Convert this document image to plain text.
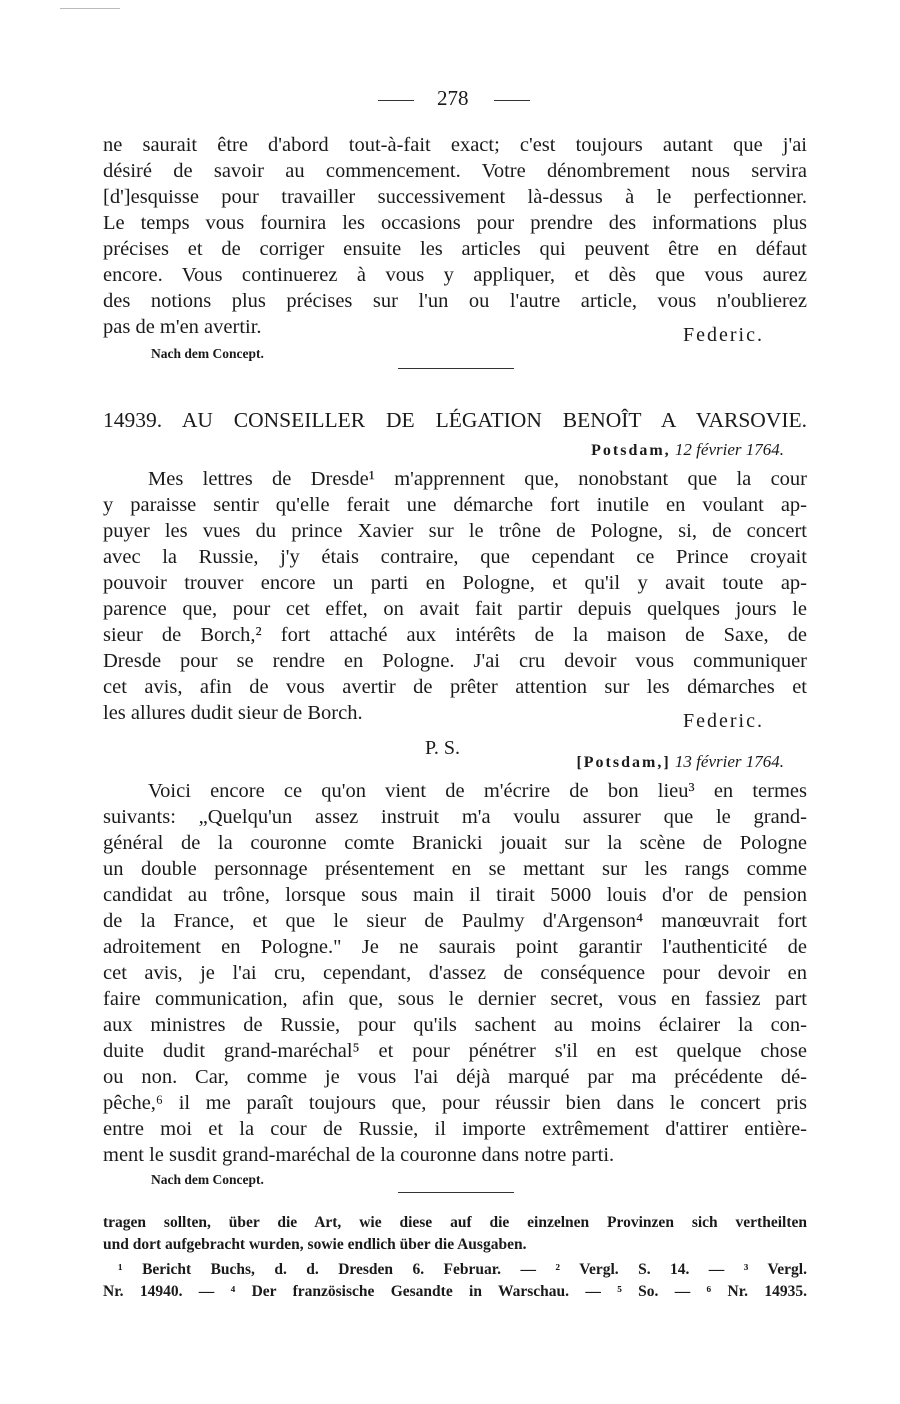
278
ne saurait être d'abord tout-à-fait exact; c'est toujours autant que j'ai
désiré de savoir au commencement. Votre dénombrement nous servira
[d']esquisse pour travailler successivement là-dessus à le perfectionner.
Le temps vous fournira les occasions pour prendre des informations plus
précises et de corriger ensuite les articles qui peuvent être en défaut
encore. Vous continuerez à vous y appliquer, et dès que vous aurez
des notions plus précises sur l'un ou l'autre article, vous n'oublierez
pas de m'en avertir.	Federic.
Nach dem Concept.
14939. AU CONSEILLER DE LÉGATION BENOÎT A VARSOVIE.
Potsdam, 12 février 1764.
Mes lettres de Dresde¹ m'apprennent que, nonobstant que la cour
y paraisse sentir qu'elle ferait une démarche fort inutile en voulant ap-
puyer les vues du prince Xavier sur le trône de Pologne, si, de concert
avec la Russie, j'y étais contraire, que cependant ce Prince croyait
pouvoir trouver encore un parti en Pologne, et qu'il y avait toute ap-
parence que, pour cet effet, on avait fait partir depuis quelques jours le
sieur de Borch,² fort attaché aux intérêts de la maison de Saxe, de
Dresde pour se rendre en Pologne. J'ai cru devoir vous communiquer
cet avis, afin de vous avertir de prêter attention sur les démarches et
les allures dudit sieur de Borch.	Federic.
P. S.
[Potsdam,] 13 février 1764.
Voici encore ce qu'on vient de m'écrire de bon lieu³ en termes
suivants: „Quelqu'un assez instruit m'a voulu assurer que le grand-
général de la couronne comte Branicki jouait sur la scène de Pologne
un double personnage présentement en se mettant sur les rangs comme
candidat au trône, lorsque sous main il tirait 5000 louis d'or de pension
de la France, et que le sieur de Paulmy d'Argenson⁴ manœuvrait fort
adroitement en Pologne." Je ne saurais point garantir l'authenticité de
cet avis, je l'ai cru, cependant, d'assez de conséquence pour devoir en
faire communication, afin que, sous le dernier secret, vous en fassiez part
aux ministres de Russie, pour qu'ils sachent au moins éclairer la con-
duite dudit grand-maréchal⁵ et pour pénétrer s'il en est quelque chose
ou non. Car, comme je vous l'ai déjà marqué par ma précédente dé-
pêche,⁶ il me paraît toujours que, pour réussir bien dans le concert pris
entre moi et la cour de Russie, il importe extrêmement d'attirer entière-
ment le susdit grand-maréchal de la couronne dans notre parti.
Nach dem Concept.
tragen sollten, über die Art, wie diese auf die einzelnen Provinzen sich vertheilten
und dort aufgebracht wurden, sowie endlich über die Ausgaben.
¹ Bericht Buchs, d. d. Dresden 6. Februar. — ² Vergl. S. 14. — ³ Vergl.
Nr. 14940. — ⁴ Der französische Gesandte in Warschau. — ⁵ So. — ⁶ Nr. 14935.
